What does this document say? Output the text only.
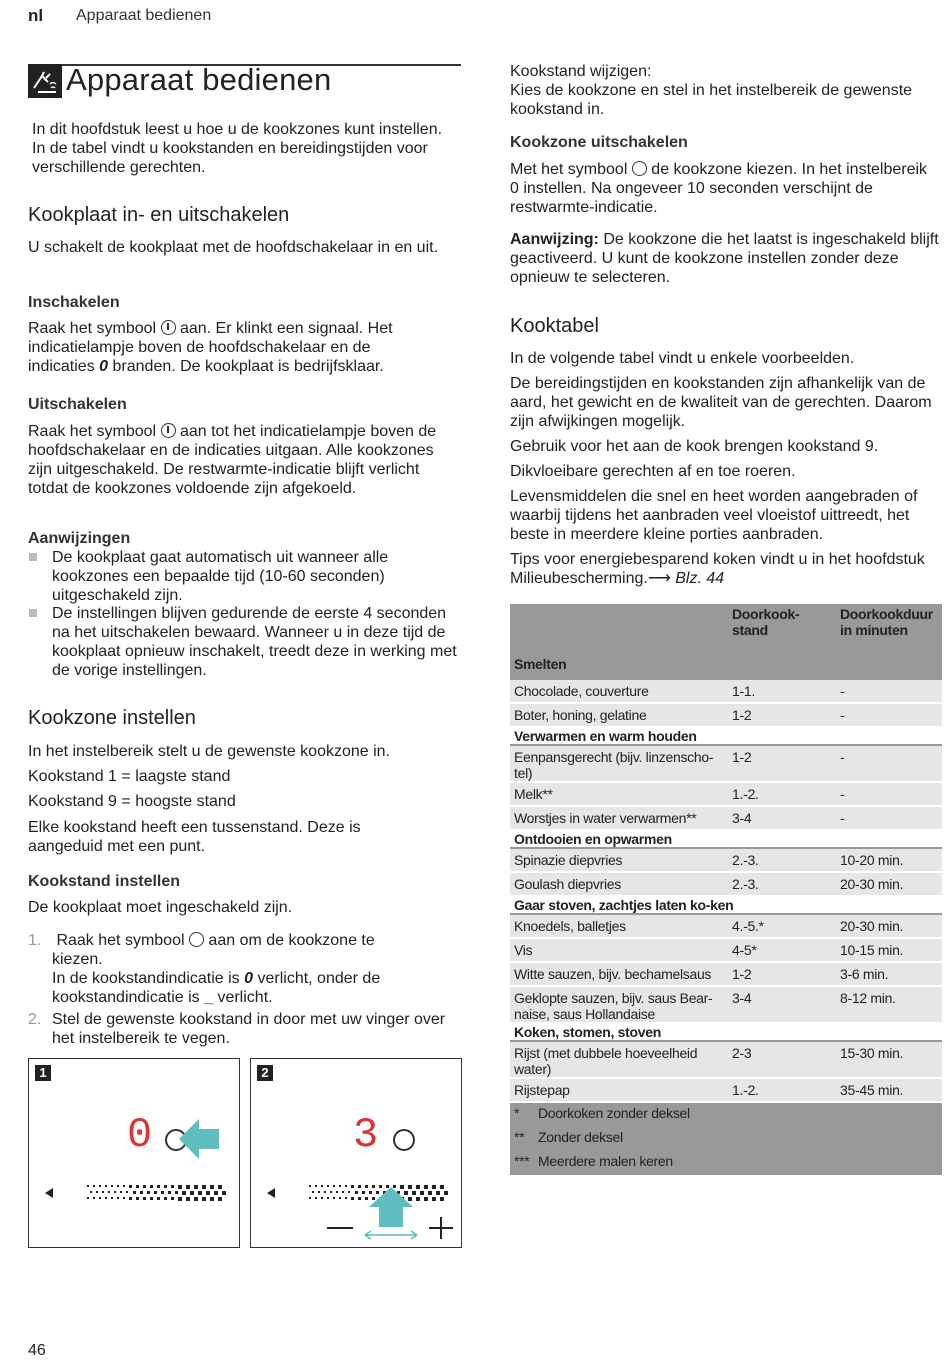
nl Apparaat bedienen
Apparaat bedienen

In dit hoofdstuk leest u hoe u de kookzones kunt instellen. In de tabel vindt u kookstanden en bereidingstijden voor verschillende gerechten.

Kookplaat in- en uitschakelen
U schakelt de kookplaat met de hoofdschakelaar in en uit.
Inschakelen
Raak het symbool aan. Er klinkt een signaal. Het
indicatielampje boven de hoofdschakelaar en de
indicaties 0 branden. De kookplaat is bedrijfsklaar.
Uitschakelen
Raak het symbool aan tot het indicatielampje boven de hoofdschakelaar en de indicaties uitgaan. Alle kookzones zijn uitgeschakeld. De restwarmte-indicatie blijft verlicht totdat de kookzones voldoende zijn afgekoeld.
Aanwijzingen
De kookplaat gaat automatisch uit wanneer alle kookzones een bepaalde tijd (10-60 seconden) uitgeschakeld zijn.
De instellingen blijven gedurende de eerste 4 seconden na het uitschakelen bewaard. Wanneer u in deze tijd de kookplaat opnieuw inschakelt, treedt deze in werking met de vorige instellingen.
Kookzone instellen
In het instelbereik stelt u de gewenste kookzone in.
Kookstand 1 = laagste stand
Kookstand 9 = hoogste stand
Elke kookstand heeft een tussenstand. Deze is aangeduid met een punt.
Kookstand instellen
De kookplaat moet ingeschakeld zijn.
1. Raak het symbool aan om de kookzone te
kiezen.
In de kookstandindicatie is 0 verlicht, onder de
kookstandindicatie is _ verlicht.
2. Stel de gewenste kookstand in door met uw vinger over het instelbereik te vegen.
1
0
2
3
46

Kookstand wijzigen:

Kies de kookzone en stel in het instelbereik de gewenste kookstand in.

Kookzone uitschakelen
Met het symbool de kookzone kiezen. In het instelbereik 0 instellen. Na ongeveer 10 seconden verschijnt de restwarmte-indicatie.
Aanwijzing: De kookzone die het laatst is ingeschakeld blijft geactiveerd. U kunt de kookzone instellen zonder deze opnieuw te selecteren.
Kooktabel

In de volgende tabel vindt u enkele voorbeelden.

De bereidingstijden en kookstanden zijn afhankelijk van de aard, het gewicht en de kwaliteit van de gerechten. Daarom zijn afwijkingen mogelijk.

Gebruik voor het aan de kook brengen kookstand 9.

Dikvloeibare gerechten af en toe roeren.

Levensmiddelen die snel en heet worden aangebraden of waarbij tijdens het aanbraden veel vloeistof uittreedt, het beste in meerdere kleine porties aanbraden.

Tips voor energiebesparend koken vindt u in het hoofdstuk Milieubescherming.⟶ Blz. 44

	Doorkook-stand	Doorkookduur in minuten
Smelten		
Chocolade, couverture	1-1.	-
Boter, honing, gelatine	1-2	-
Verwarmen en warm houden		
Eenpansgerecht (bijv. linzenscho-tel)	1-2	-
Melk**	1.-2.	-
Worstjes in water verwarmen**	3-4	-
Ontdooien en opwarmen		
Spinazie diepvries	2.-3.	10-20 min.
Goulash diepvries	2.-3.	20-30 min.
Gaar stoven, zachtjes laten ko-ken		
Knoedels, balletjes	4.-5.*	20-30 min.
Vis	4-5*	10-15 min.
Witte sauzen, bijv. bechamelsaus	1-2	3-6 min.
Geklopte sauzen, bijv. saus Bear-naise, saus Hollandaise	3-4	8-12 min.
Koken, stomen, stoven		
Rijst (met dubbele hoeveelheid water)	2-3	15-30 min.
Rijstepap	1.-2.	35-45 min.
* Doorkoken zonder deksel		
** Zonder deksel		
*** Meerdere malen keren		
